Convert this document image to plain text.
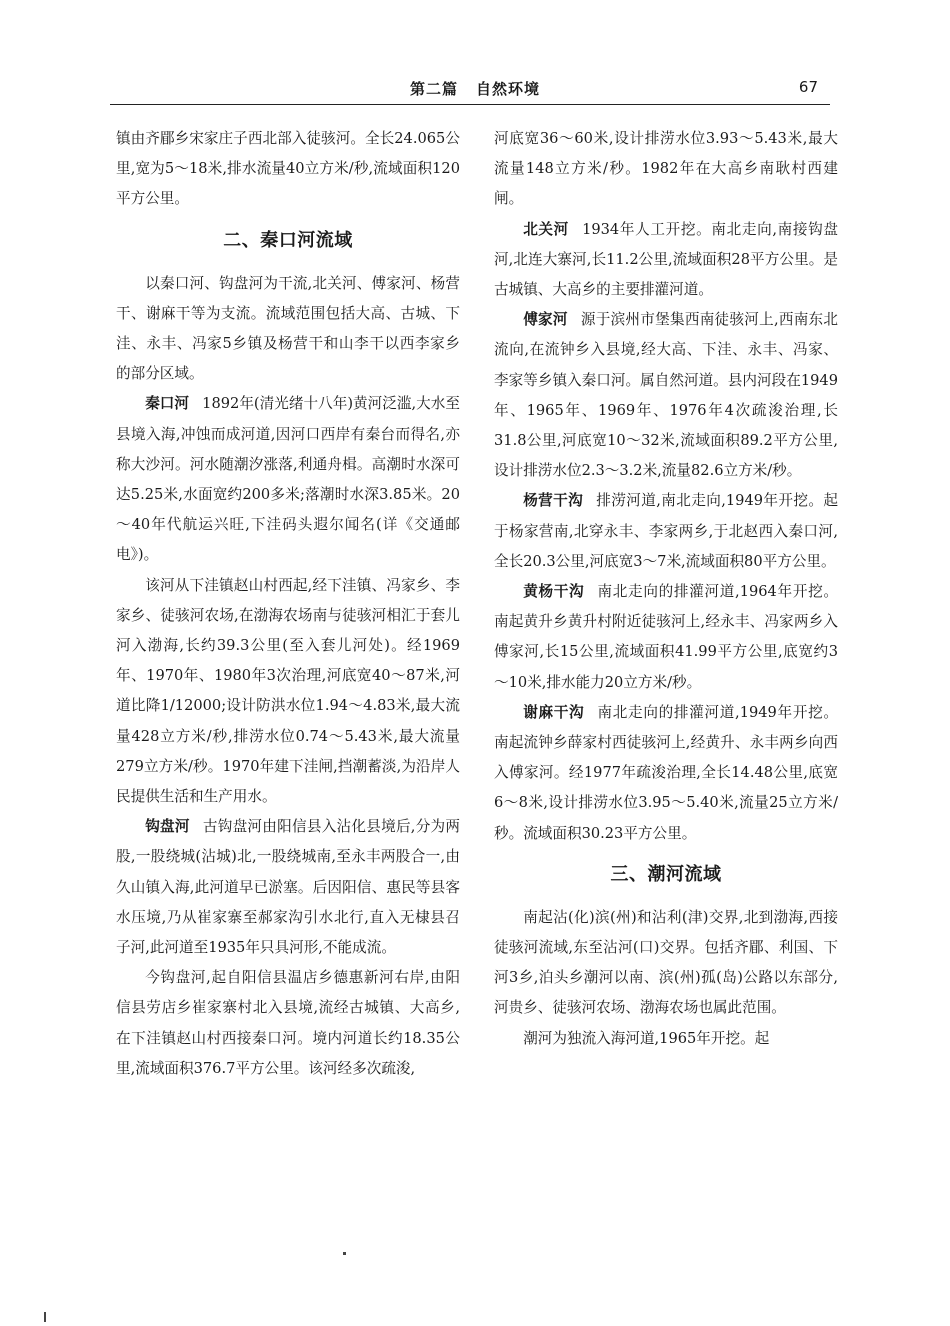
第二篇 自然环境	67

镇由齐郿乡宋家庄子西北部入徒骇河。全长24.065公里,宽为5～18米,排水流量40立方米/秒,流域面积120平方公里。

二、秦口河流域

以秦口河、钩盘河为干流,北关河、傅家河、杨营干、谢麻干等为支流。流域范围包括大高、古城、下洼、永丰、冯家5乡镇及杨营干和山李干以西李家乡的部分区域。

秦口河 1892年(清光绪十八年)黄河泛滥,大水至县境入海,冲蚀而成河道,因河口西岸有秦台而得名,亦称大沙河。河水随潮汐涨落,利通舟楫。高潮时水深可达5.25米,水面宽约200多米;落潮时水深3.85米。20～40年代航运兴旺,下洼码头遐尔闻名(详《交通邮电》)。

该河从下洼镇赵山村西起,经下洼镇、冯家乡、李家乡、徒骇河农场,在渤海农场南与徒骇河相汇于套儿河入渤海,长约39.3公里(至入套儿河处)。经1969年、1970年、1980年3次治理,河底宽40～87米,河道比降1/12000;设计防洪水位1.94～4.83米,最大流量428立方米/秒,排涝水位0.74～5.43米,最大流量279立方米/秒。1970年建下洼闸,挡潮蓄淡,为沿岸人民提供生活和生产用水。

钩盘河 古钩盘河由阳信县入沾化县境后,分为两股,一股绕城(沾城)北,一股绕城南,至永丰两股合一,由久山镇入海,此河道早已淤塞。后因阳信、惠民等县客水压境,乃从崔家寨至郝家沟引水北行,直入无棣县召子河,此河道至1935年只具河形,不能成流。

今钩盘河,起自阳信县温店乡德惠新河右岸,由阳信县劳店乡崔家寨村北入县境,流经古城镇、大高乡,在下洼镇赵山村西接秦口河。境内河道长约18.35公里,流域面积376.7平方公里。该河经多次疏浚,

河底宽36～60米,设计排涝水位3.93～5.43米,最大流量148立方米/秒。1982年在大高乡南耿村西建闸。

北关河 1934年人工开挖。南北走向,南接钩盘河,北连大寨河,长11.2公里,流域面积28平方公里。是古城镇、大高乡的主要排灌河道。

傅家河 源于滨州市堡集西南徒骇河上,西南东北流向,在流钟乡入县境,经大高、下洼、永丰、冯家、李家等乡镇入秦口河。属自然河道。县内河段在1949年、1965年、1969年、1976年4次疏浚治理,长31.8公里,河底宽10～32米,流域面积89.2平方公里,设计排涝水位2.3～3.2米,流量82.6立方米/秒。

杨营干沟 排涝河道,南北走向,1949年开挖。起于杨家营南,北穿永丰、李家两乡,于北赵西入秦口河,全长20.3公里,河底宽3～7米,流域面积80平方公里。

黄杨干沟 南北走向的排灌河道,1964年开挖。南起黄升乡黄升村附近徒骇河上,经永丰、冯家两乡入傅家河,长15公里,流域面积41.99平方公里,底宽约3～10米,排水能力20立方米/秒。

谢麻干沟 南北走向的排灌河道,1949年开挖。南起流钟乡薛家村西徒骇河上,经黄升、永丰两乡向西入傅家河。经1977年疏浚治理,全长14.48公里,底宽6～8米,设计排涝水位3.95～5.40米,流量25立方米/秒。流域面积30.23平方公里。

三、潮河流域

南起沾(化)滨(州)和沾利(津)交界,北到渤海,西接徒骇河流域,东至沾河(口)交界。包括齐郿、利国、下河3乡,泊头乡潮河以南、滨(州)孤(岛)公路以东部分,河贵乡、徒骇河农场、渤海农场也属此范围。

潮河为独流入海河道,1965年开挖。起
